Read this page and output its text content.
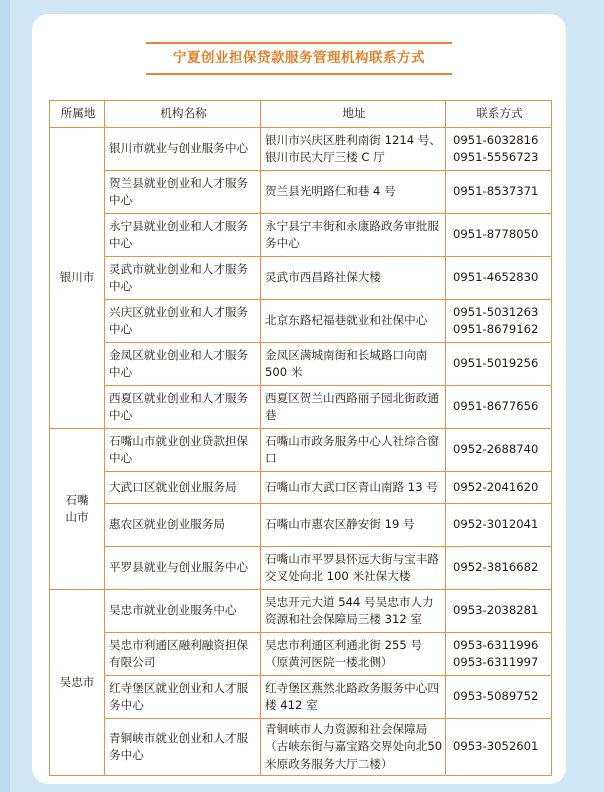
宁夏创业担保贷款服务管理机构联系方式
所属地	机构名称	地址	联系方式
银川市	银川市就业与创业服务中心	银川市兴庆区胜利南街 1214 号、银川市民大厅三楼 C 厅	0951-6032816
0951-5556723

	贺兰县就业创业和人才服务中心	贺兰县光明路仁和巷 4 号	0951-8537371

	永宁县就业创业和人才服务中心	永宁县宁丰街和永康路政务审批服务中心	0951-8778050

	灵武市就业创业和人才服务中心	灵武市西昌路社保大楼	0951-4652830

	兴庆区就业创业和人才服务中心	北京东路杞福巷就业和社保中心	0951-5031263
0951-8679162

	金凤区就业创业和人才服务中心	金凤区满城南街和长城路口向南500 米	0951-5019256

	西夏区就业创业和人才服务中心	西夏区贺兰山西路丽子园北街政通巷	0951-8677656

石嘴山市	石嘴山市就业创业贷款担保中心	石嘴山市政务服务中心人社综合窗口	0952-2688740

	大武口区就业创业服务局	石嘴山市大武口区青山南路 13 号	0952-2041620

	惠农区就业创业服务局	石嘴山市惠农区静安街 19 号	0952-3012041

	平罗县就业与创业服务中心	石嘴山市平罗县怀远大街与宝丰路交叉处向北 100 米社保大楼	0952-3816682

吴忠市	吴忠市就业创业服务中心	吴忠开元大道 544 号吴忠市人力资源和社会保障局三楼 312 室	0953-2038281

	吴忠市利通区融利融资担保有限公司	吴忠市利通区利通北街 255 号（原黄河医院一楼北侧）	0953-6311996
0953-6311997

	红寺堡区就业创业和人才服务中心	红寺堡区燕然北路政务服务中心四楼 412 室	0953-5089752

	青铜峡市就业创业和人才服务中心	青铜峡市人力资源和社会保障局（古峡东街与嘉宝路交界处向北50 米原政务服务大厅二楼）	0953-3052601
